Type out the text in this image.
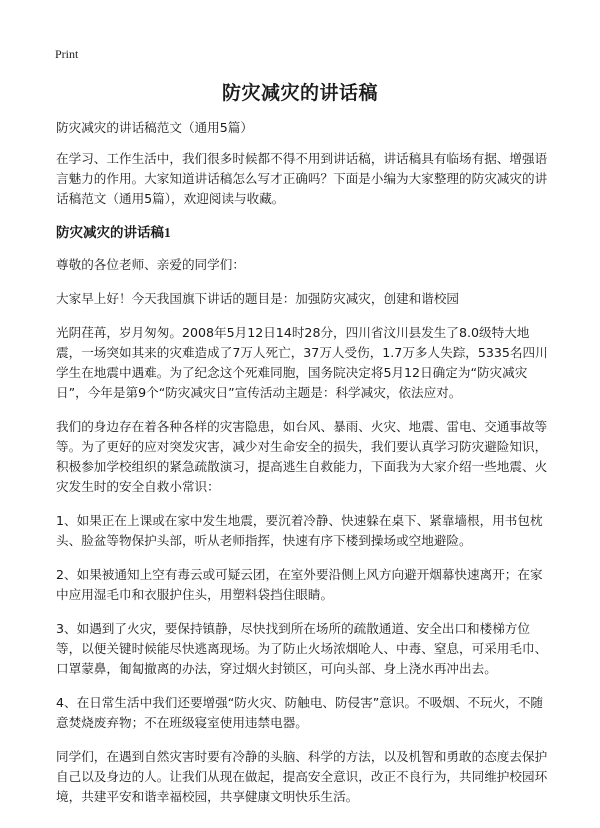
Print
防灾减灾的讲话稿

防灾减灾的讲话稿范文（通用5篇）

在学习、工作生活中，我们很多时候都不得不用到讲话稿，讲话稿具有临场有据、增强语言魅力的作用。大家知道讲话稿怎么写才正确吗？下面是小编为大家整理的防灾减灾的讲话稿范文（通用5篇），欢迎阅读与收藏。

防灾减灾的讲话稿1

尊敬的各位老师、亲爱的同学们：

大家早上好！今天我国旗下讲话的题目是：加强防灾减灾，创建和谐校园

光阴荏苒，岁月匆匆。2008年5月12日14时28分，四川省汶川县发生了8.0级特大地震，一场突如其来的灾难造成了7万人死亡，37万人受伤，1.7万多人失踪，5335名四川学生在地震中遇难。为了纪念这个死难同胞，国务院决定将5月12日确定为“防灾减灾日”，今年是第9个“防灾减灾日”宣传活动主题是：科学减灾，依法应对。

我们的身边存在着各种各样的灾害隐患，如台风、暴雨、火灾、地震、雷电、交通事故等等。为了更好的应对突发灾害，减少对生命安全的损失，我们要认真学习防灾避险知识，积极参加学校组织的紧急疏散演习，提高逃生自救能力，下面我为大家介绍一些地震、火灾发生时的安全自救小常识：

1、如果正在上课或在家中发生地震，要沉着冷静、快速躲在桌下、紧靠墙根，用书包枕头、脸盆等物保护头部，听从老师指挥，快速有序下楼到操场或空地避险。

2、如果被通知上空有毒云或可疑云团，在室外要沿侧上风方向避开烟幕快速离开；在家中应用湿毛巾和衣服护住头，用塑料袋挡住眼睛。

3、如遇到了火灾，要保持镇静，尽快找到所在场所的疏散通道、安全出口和楼梯方位等，以便关键时候能尽快逃离现场。为了防止火场浓烟呛人、中毒、窒息，可采用毛巾、口罩蒙鼻，匍匐撤离的办法，穿过烟火封锁区，可向头部、身上浇水再冲出去。

4、在日常生活中我们还要增强“防火灾、防触电、防侵害”意识。不吸烟、不玩火，不随意焚烧废弃物；不在班级寝室使用违禁电器。

同学们，在遇到自然灾害时要有冷静的头脑、科学的方法，以及机智和勇敢的态度去保护自己以及身边的人。让我们从现在做起，提高安全意识，改正不良行为，共同维护校园环境，共建平安和谐幸福校园，共享健康文明快乐生活。
